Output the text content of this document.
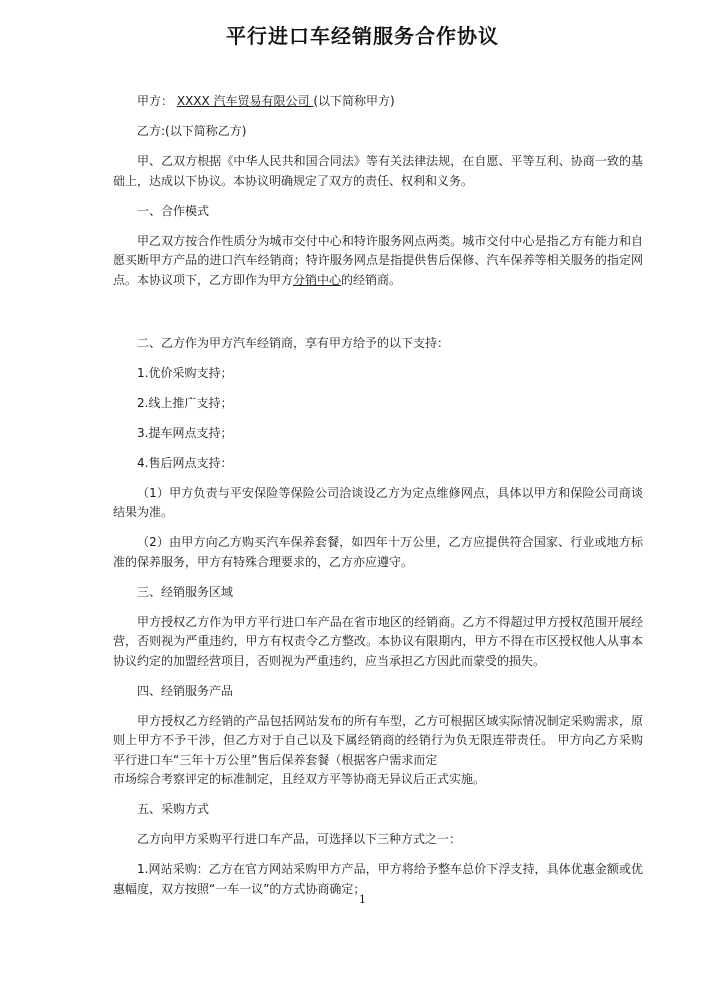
平行进口车经销服务合作协议

甲方： XXXX 汽车贸易有限公司 (以下简称甲方)

乙方:(以下简称乙方)

甲、乙双方根据《中华人民共和国合同法》等有关法律法规，在自愿、平等互利、协商一致的基础上，达成以下协议。本协议明确规定了双方的责任、权利和义务。

一、合作模式

甲乙双方按合作性质分为城市交付中心和特许服务网点两类。城市交付中心是指乙方有能力和自愿买断甲方产品的进口汽车经销商；特许服务网点是指提供售后保修、汽车保养等相关服务的指定网点。本协议项下，乙方即作为甲方分销中心的经销商。

二、乙方作为甲方汽车经销商，享有甲方给予的以下支持：

1.优价采购支持；

2.线上推广支持；

3.提车网点支持；

4.售后网点支持：

（1）甲方负责与平安保险等保险公司洽谈设乙方为定点维修网点，具体以甲方和保险公司商谈结果为准。

（2）由甲方向乙方购买汽车保养套餐，如四年十万公里，乙方应提供符合国家、行业或地方标准的保养服务，甲方有特殊合理要求的，乙方亦应遵守。

三、经销服务区域

甲方授权乙方作为甲方平行进口车产品在省市地区的经销商。乙方不得超过甲方授权范围开展经营，否则视为严重违约，甲方有权责令乙方整改。本协议有限期内，甲方不得在市区授权他人从事本协议约定的加盟经营项目，否则视为严重违约，应当承担乙方因此而蒙受的损失。

四、经销服务产品

甲方授权乙方经销的产品包括网站发布的所有车型，乙方可根据区域实际情况制定采购需求，原则上甲方不予干涉，但乙方对于自己以及下属经销商的经销行为负无限连带责任。 甲方向乙方采购平行进口车“三年十万公里”售后保养套餐（根据客户需求而定

市场综合考察评定的标准制定，且经双方平等协商无异议后正式实施。

五、采购方式

乙方向甲方采购平行进口车产品，可选择以下三种方式之一：

1.网站采购：乙方在官方网站采购甲方产品，甲方将给予整车总价下浮支持，具体优惠金额或优惠幅度，双方按照“一车一议”的方式协商确定；

1
